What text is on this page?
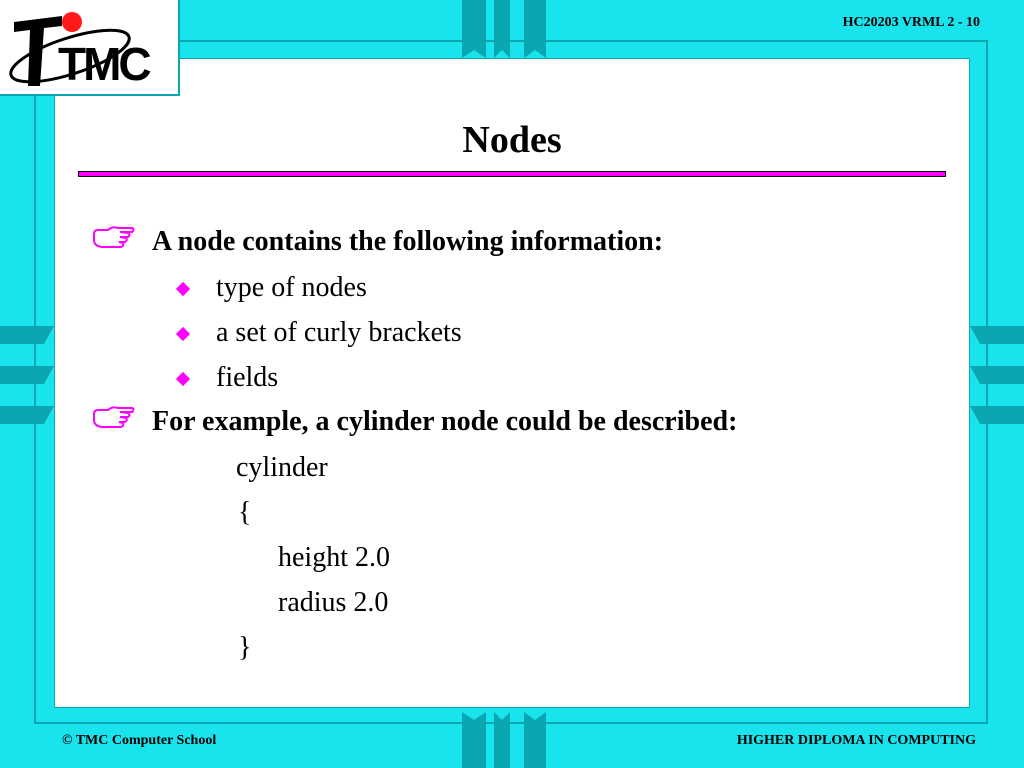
TMC
HC20203 VRML 2 - 10
Nodes
A node contains the following information:
type of nodes
a set of curly brackets
fields
For example, a cylinder node could be described:
cylinder
{
height 2.0
radius 2.0
}
© TMC Computer School	HIGHER DIPLOMA IN COMPUTING
